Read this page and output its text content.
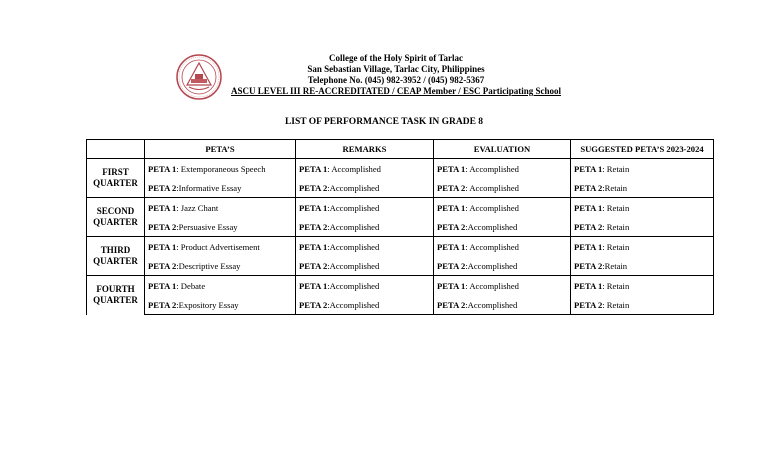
College of the Holy Spirit of Tarlac
San Sebastian Village, Tarlac City, Philippines
Telephone No. (045) 982-3952 / (045) 982-5367
ASCU LEVEL III RE-ACCREDITATED / CEAP Member / ESC Participating School
LIST OF PERFORMANCE TASK IN GRADE 8
	PETA’S	REMARKS	EVALUATION	SUGGESTED PETA’S 2023-2024

FIRST
QUARTER	PETA 1: Extemporaneous Speech	PETA 1: Accomplished	PETA 1: Accomplished	PETA 1: Retain
	PETA 2:Informative Essay	PETA 2:Accomplished	PETA 2: Accomplished	PETA 2:Retain

SECOND
QUARTER	PETA 1: Jazz Chant	PETA 1:Accomplished	PETA 1: Accomplished	PETA 1: Retain
	PETA 2:Persuasive Essay	PETA 2:Accomplished	PETA 2:Accomplished	PETA 2: Retain

THIRD
QUARTER	PETA 1: Product Advertisement	PETA 1:Accomplished	PETA 1: Accomplished	PETA 1: Retain
	PETA 2:Descriptive Essay	PETA 2:Accomplished	PETA 2:Accomplished	PETA 2:Retain

FOURTH
QUARTER	PETA 1: Debate	PETA 1:Accomplished	PETA 1: Accomplished	PETA 1: Retain
	PETA 2:Expository Essay	PETA 2:Accomplished	PETA 2:Accomplished	PETA 2: Retain
